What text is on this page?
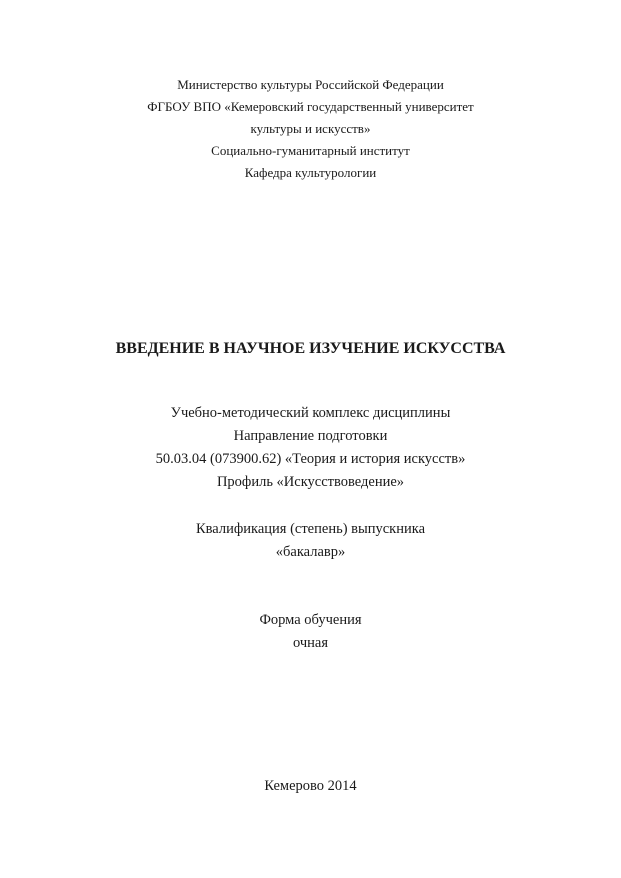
Министерство культуры Российской Федерации
ФГБОУ ВПО «Кемеровский государственный университет
культуры и искусств»
Социально-гуманитарный институт
Кафедра культурологии
ВВЕДЕНИЕ В НАУЧНОЕ ИЗУЧЕНИЕ ИСКУССТВА
Учебно-методический комплекс дисциплины
Направление подготовки
50.03.04 (073900.62) «Теория и история искусств»
Профиль «Искусствоведение»
Квалификация (степень) выпускника
«бакалавр»
Форма обучения
очная
Кемерово 2014
